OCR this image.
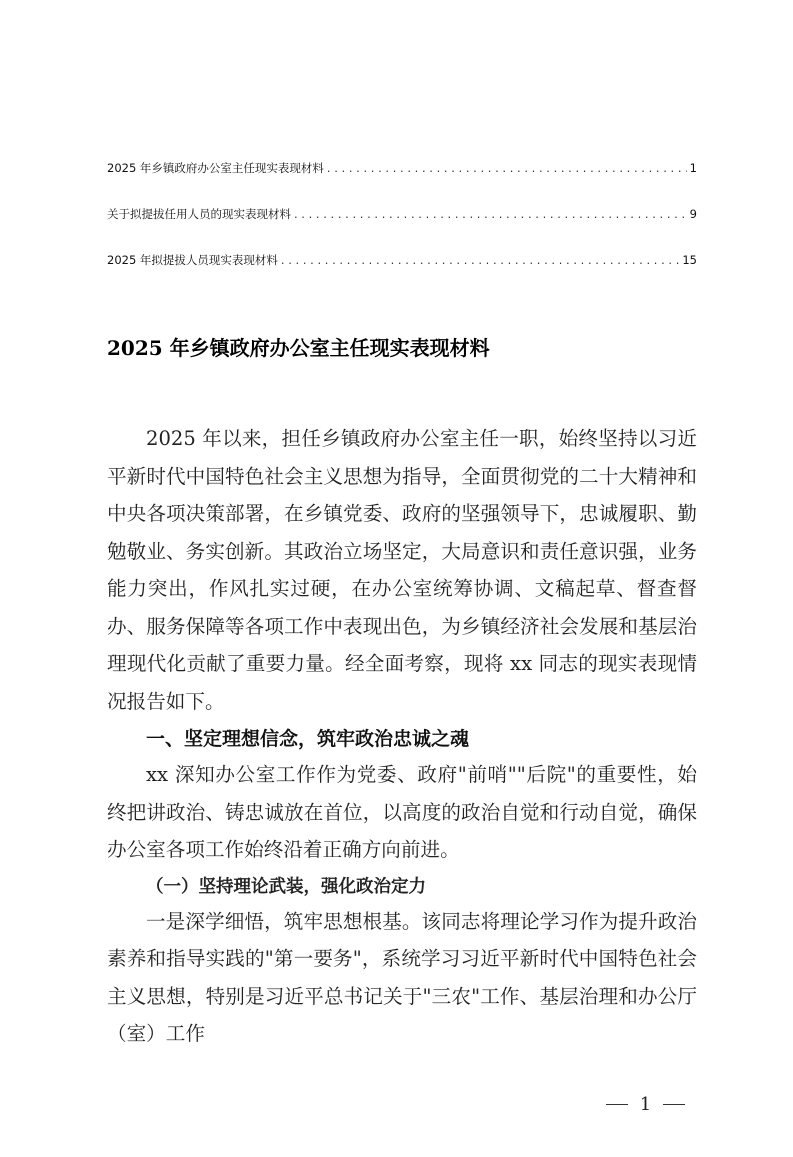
2025 年乡镇政府办公室主任现实表现材料 . . .	1
关于拟提拔任用人员的现实表现材料 . . .	9
2025 年拟提拔人员现实表现材料 . . .	15
2025 年乡镇政府办公室主任现实表现材料
2025 年以来，担任乡镇政府办公室主任一职，始终坚持以习近平新时代中国特色社会主义思想为指导，全面贯彻党的二十大精神和中央各项决策部署，在乡镇党委、政府的坚强领导下，忠诚履职、勤勉敬业、务实创新。其政治立场坚定，大局意识和责任意识强，业务能力突出，作风扎实过硬，在办公室统筹协调、文稿起草、督查督办、服务保障等各项工作中表现出色，为乡镇经济社会发展和基层治理现代化贡献了重要力量。经全面考察，现将 xx 同志的现实表现情况报告如下。
一、坚定理想信念，筑牢政治忠诚之魂
xx 深知办公室工作作为党委、政府"前哨""后院"的重要性，始终把讲政治、铸忠诚放在首位，以高度的政治自觉和行动自觉，确保办公室各项工作始终沿着正确方向前进。
（一）坚持理论武装，强化政治定力
一是深学细悟，筑牢思想根基。该同志将理论学习作为提升政治素养和指导实践的"第一要务"，系统学习习近平新时代中国特色社会主义思想，特别是习近平总书记关于"三农"工作、基层治理和办公厅（室）工作
1
